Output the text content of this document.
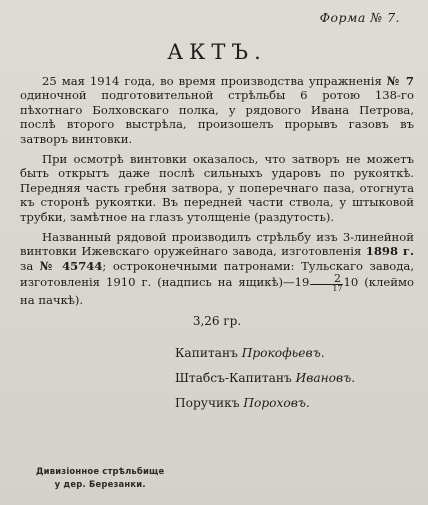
Форма № 7.
АКТЪ.

25 мая 1914 года, во время производства упражненія № 7 одиночной подготовительной стрѣльбы 6 ротою 138-го пѣхотнаго Болховскаго полка, у рядового Ивана Петрова, послѣ второго выстрѣла, произошелъ прорывъ газовъ въ затворъ винтовки.

При осмотрѣ винтовки оказалось, что затворъ не можетъ быть открытъ даже послѣ сильныхъ ударовъ по рукояткѣ. Передняя часть гребня затвора, у поперечнаго паза, отогнута къ сторонѣ рукоятки. Въ передней части ствола, у штыковой трубки, замѣтное на глазъ утолщеніе (раздутость).

Названный рядовой производилъ стрѣльбу изъ 3-линейной винтовки Ижевскаго оружейнаго завода, изготовленія 1898 г. за № 45744; остроконечными патронами: Тульскаго завода, изготовленія 1910 г. (надпись на ящикѣ)—19 $\frac{2}{17} 10$ (клеймо на пачкѣ).

3,26 гр.
Капитанъ Прокофьевъ.
Штабсъ-Капитанъ Ивановъ.
Поручикъ Пороховъ.
Дивизіонное стрѣльбище
у дер. Березанки.
